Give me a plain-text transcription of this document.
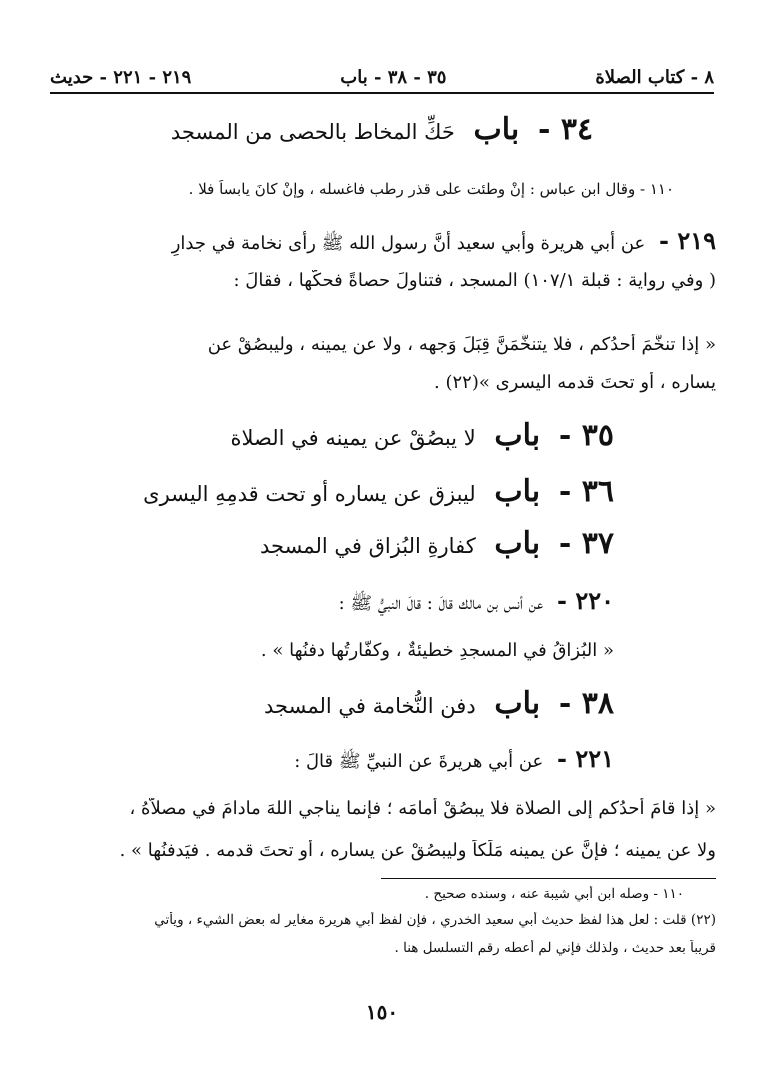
٨ - كتاب الصلاة
٣٥ - ٣٨ - باب
٢١٩ - ٢٢١ - حديث
٣٤ - باب حَكِّ المخاط بالحصى من المسجد
١١٠ - وقال ابن عباس : إنْ وطئت على قذر رطب فاغسله ، وإنْ كانَ يابساً فلا .
٢١٩ - عن أبي هريرة وأبي سعيد أنَّ رسول الله ﷺ رأى نخامة في جدارِ
( وفي رواية : قبلة ١٠٧/١) المسجد ، فتناولَ حصاةً فحكَّها ، فقالَ :
« إذا تنخَّمَ أحدُكم ، فلا يتنخَّمَنَّ قِبَلَ وَجهِه ، ولا عن يمينه ، وليبصُقْ عن
يساره ، أو تحتَ قدمه اليسرى »(٢٢) .
٣٥ - باب لا يبصُقْ عن يمينه في الصلاة
٣٦ - باب ليبزق عن يساره أو تحت قدمِهِ اليسرى
٣٧ - باب كفارةِ البُزاق في المسجد
٢٢٠ - عن أنس بن مالك قالَ : قالَ النبيُّ ﷺ :
« البُزاقُ في المسجدِ خطيئةٌ ، وكفَّارتُها دفنُها » .
٣٨ - باب دفن النُّخامة في المسجد
٢٢١ - عن أبي هريرةَ عن النبيِّ ﷺ قالَ :
« إذا قامَ أحدُكم إلى الصلاة فلا يبصُقْ أمامَه ؛ فإنما يناجي اللهَ مادامَ في مصلاَّهُ ،
ولا عن يمينه ؛ فإنَّ عن يمينه مَلَكاً وليبصُقْ عن يساره ، أو تحتَ قدمه . فيَدفنُها » .
١١٠ - وصله ابن أبي شيبة عنه ، وسنده صحيح .
(٢٢) قلت : لعل هذا لفظ حديث أبي سعيد الخدري ، فإن لفظ أبي هريرة مغاير له بعض الشيء ، ويأتي
قريباً بعد حديث ، ولذلك فإني لم أعطه رقم التسلسل هنا .
١٥٠
